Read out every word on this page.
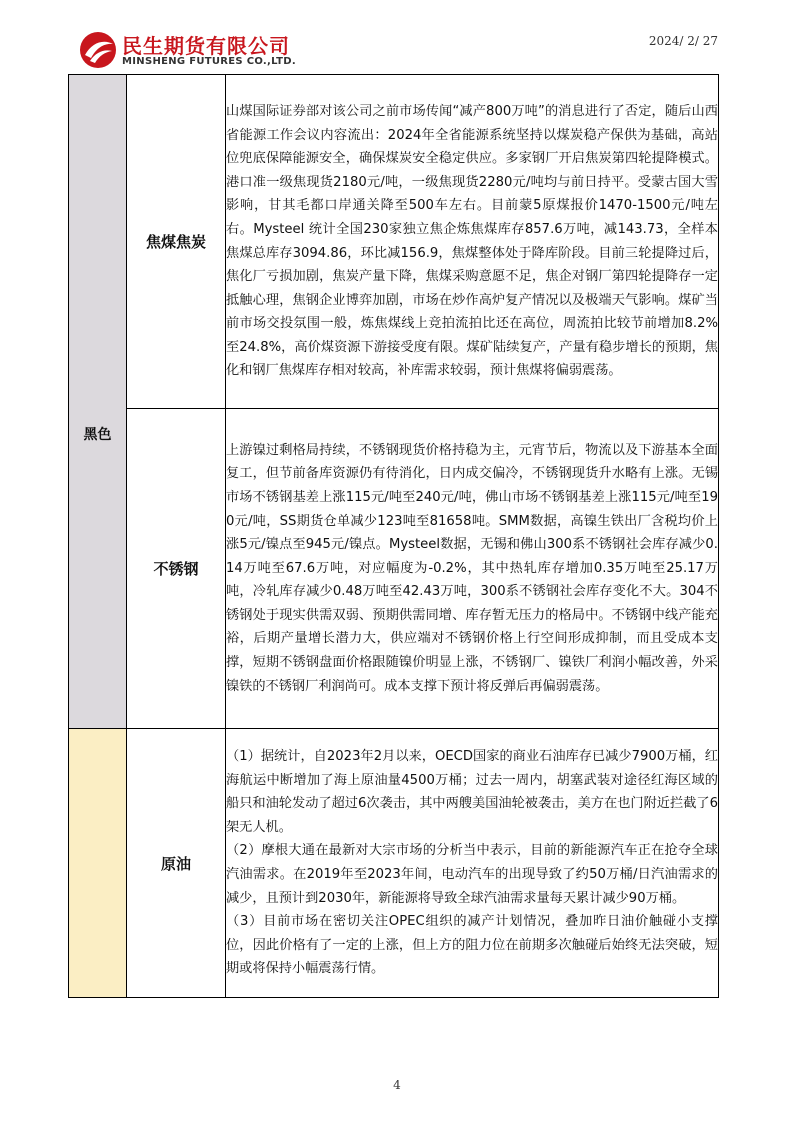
民生期货有限公司
MINSHENG FUTURES CO.,LTD.
2024/ 2/ 27
黑色	焦煤焦炭	山煤国际证券部对该公司之前市场传闻“减产800万吨”的消息进行了否定，随后山西省能源工作会议内容流出：2024年全省能源系统坚持以煤炭稳产保供为基础，高站位兜底保障能源安全，确保煤炭安全稳定供应。多家钢厂开启焦炭第四轮提降模式。港口准一级焦现货2180元/吨，一级焦现货2280元/吨均与前日持平。受蒙古国大雪影响，甘其毛都口岸通关降至500车左右。目前蒙5原煤报价1470-1500元/吨左右。Mysteel 统计全国230家独立焦企炼焦煤库存857.6万吨，减143.73，全样本焦煤总库存3094.86，环比减156.9，焦煤整体处于降库阶段。目前三轮提降过后，焦化厂亏损加剧，焦炭产量下降，焦煤采购意愿不足，焦企对钢厂第四轮提降存一定抵触心理，焦钢企业博弈加剧，市场在炒作高炉复产情况以及极端天气影响。煤矿当前市场交投氛围一般，炼焦煤线上竞拍流拍比还在高位，周流拍比较节前增加8.2%至24.8%，高价煤资源下游接受度有限。煤矿陆续复产，产量有稳步增长的预期，焦化和钢厂焦煤库存相对较高，补库需求较弱，预计焦煤将偏弱震荡。

	不锈钢	上游镍过剩格局持续，不锈钢现货价格持稳为主，元宵节后，物流以及下游基本全面复工，但节前备库资源仍有待消化，日内成交偏冷，不锈钢现货升水略有上涨。无锡市场不锈钢基差上涨115元/吨至240元/吨，佛山市场不锈钢基差上涨115元/吨至190元/吨，SS期货仓单减少123吨至81658吨。SMM数据，高镍生铁出厂含税均价上涨5元/镍点至945元/镍点。Mysteel数据，无锡和佛山300系不锈钢社会库存减少0.14万吨至67.6万吨，对应幅度为-0.2%，其中热轧库存增加0.35万吨至25.17万吨，冷轧库存减少0.48万吨至42.43万吨，300系不锈钢社会库存变化不大。304不锈钢处于现实供需双弱、预期供需同增、库存暂无压力的格局中。不锈钢中线产能充裕，后期产量增长潜力大，供应端对不锈钢价格上行空间形成抑制，而且受成本支撑，短期不锈钢盘面价格跟随镍价明显上涨，不锈钢厂、镍铁厂利润小幅改善，外采镍铁的不锈钢厂利润尚可。成本支撑下预计将反弹后再偏弱震荡。

	原油	（1）据统计，自2023年2月以来，OECD国家的商业石油库存已减少7900万桶，红海航运中断增加了海上原油量4500万桶；过去一周内，胡塞武装对途径红海区域的船只和油轮发动了超过6次袭击，其中两艘美国油轮被袭击，美方在也门附近拦截了6架无人机。
（2）摩根大通在最新对大宗市场的分析当中表示，目前的新能源汽车正在抢夺全球汽油需求。在2019年至2023年间，电动汽车的出现导致了约50万桶/日汽油需求的减少，且预计到2030年，新能源将导致全球汽油需求量每天累计减少90万桶。
（3）目前市场在密切关注OPEC组织的减产计划情况，叠加昨日油价触碰小支撑位，因此价格有了一定的上涨，但上方的阻力位在前期多次触碰后始终无法突破，短期或将保持小幅震荡行情。
4
